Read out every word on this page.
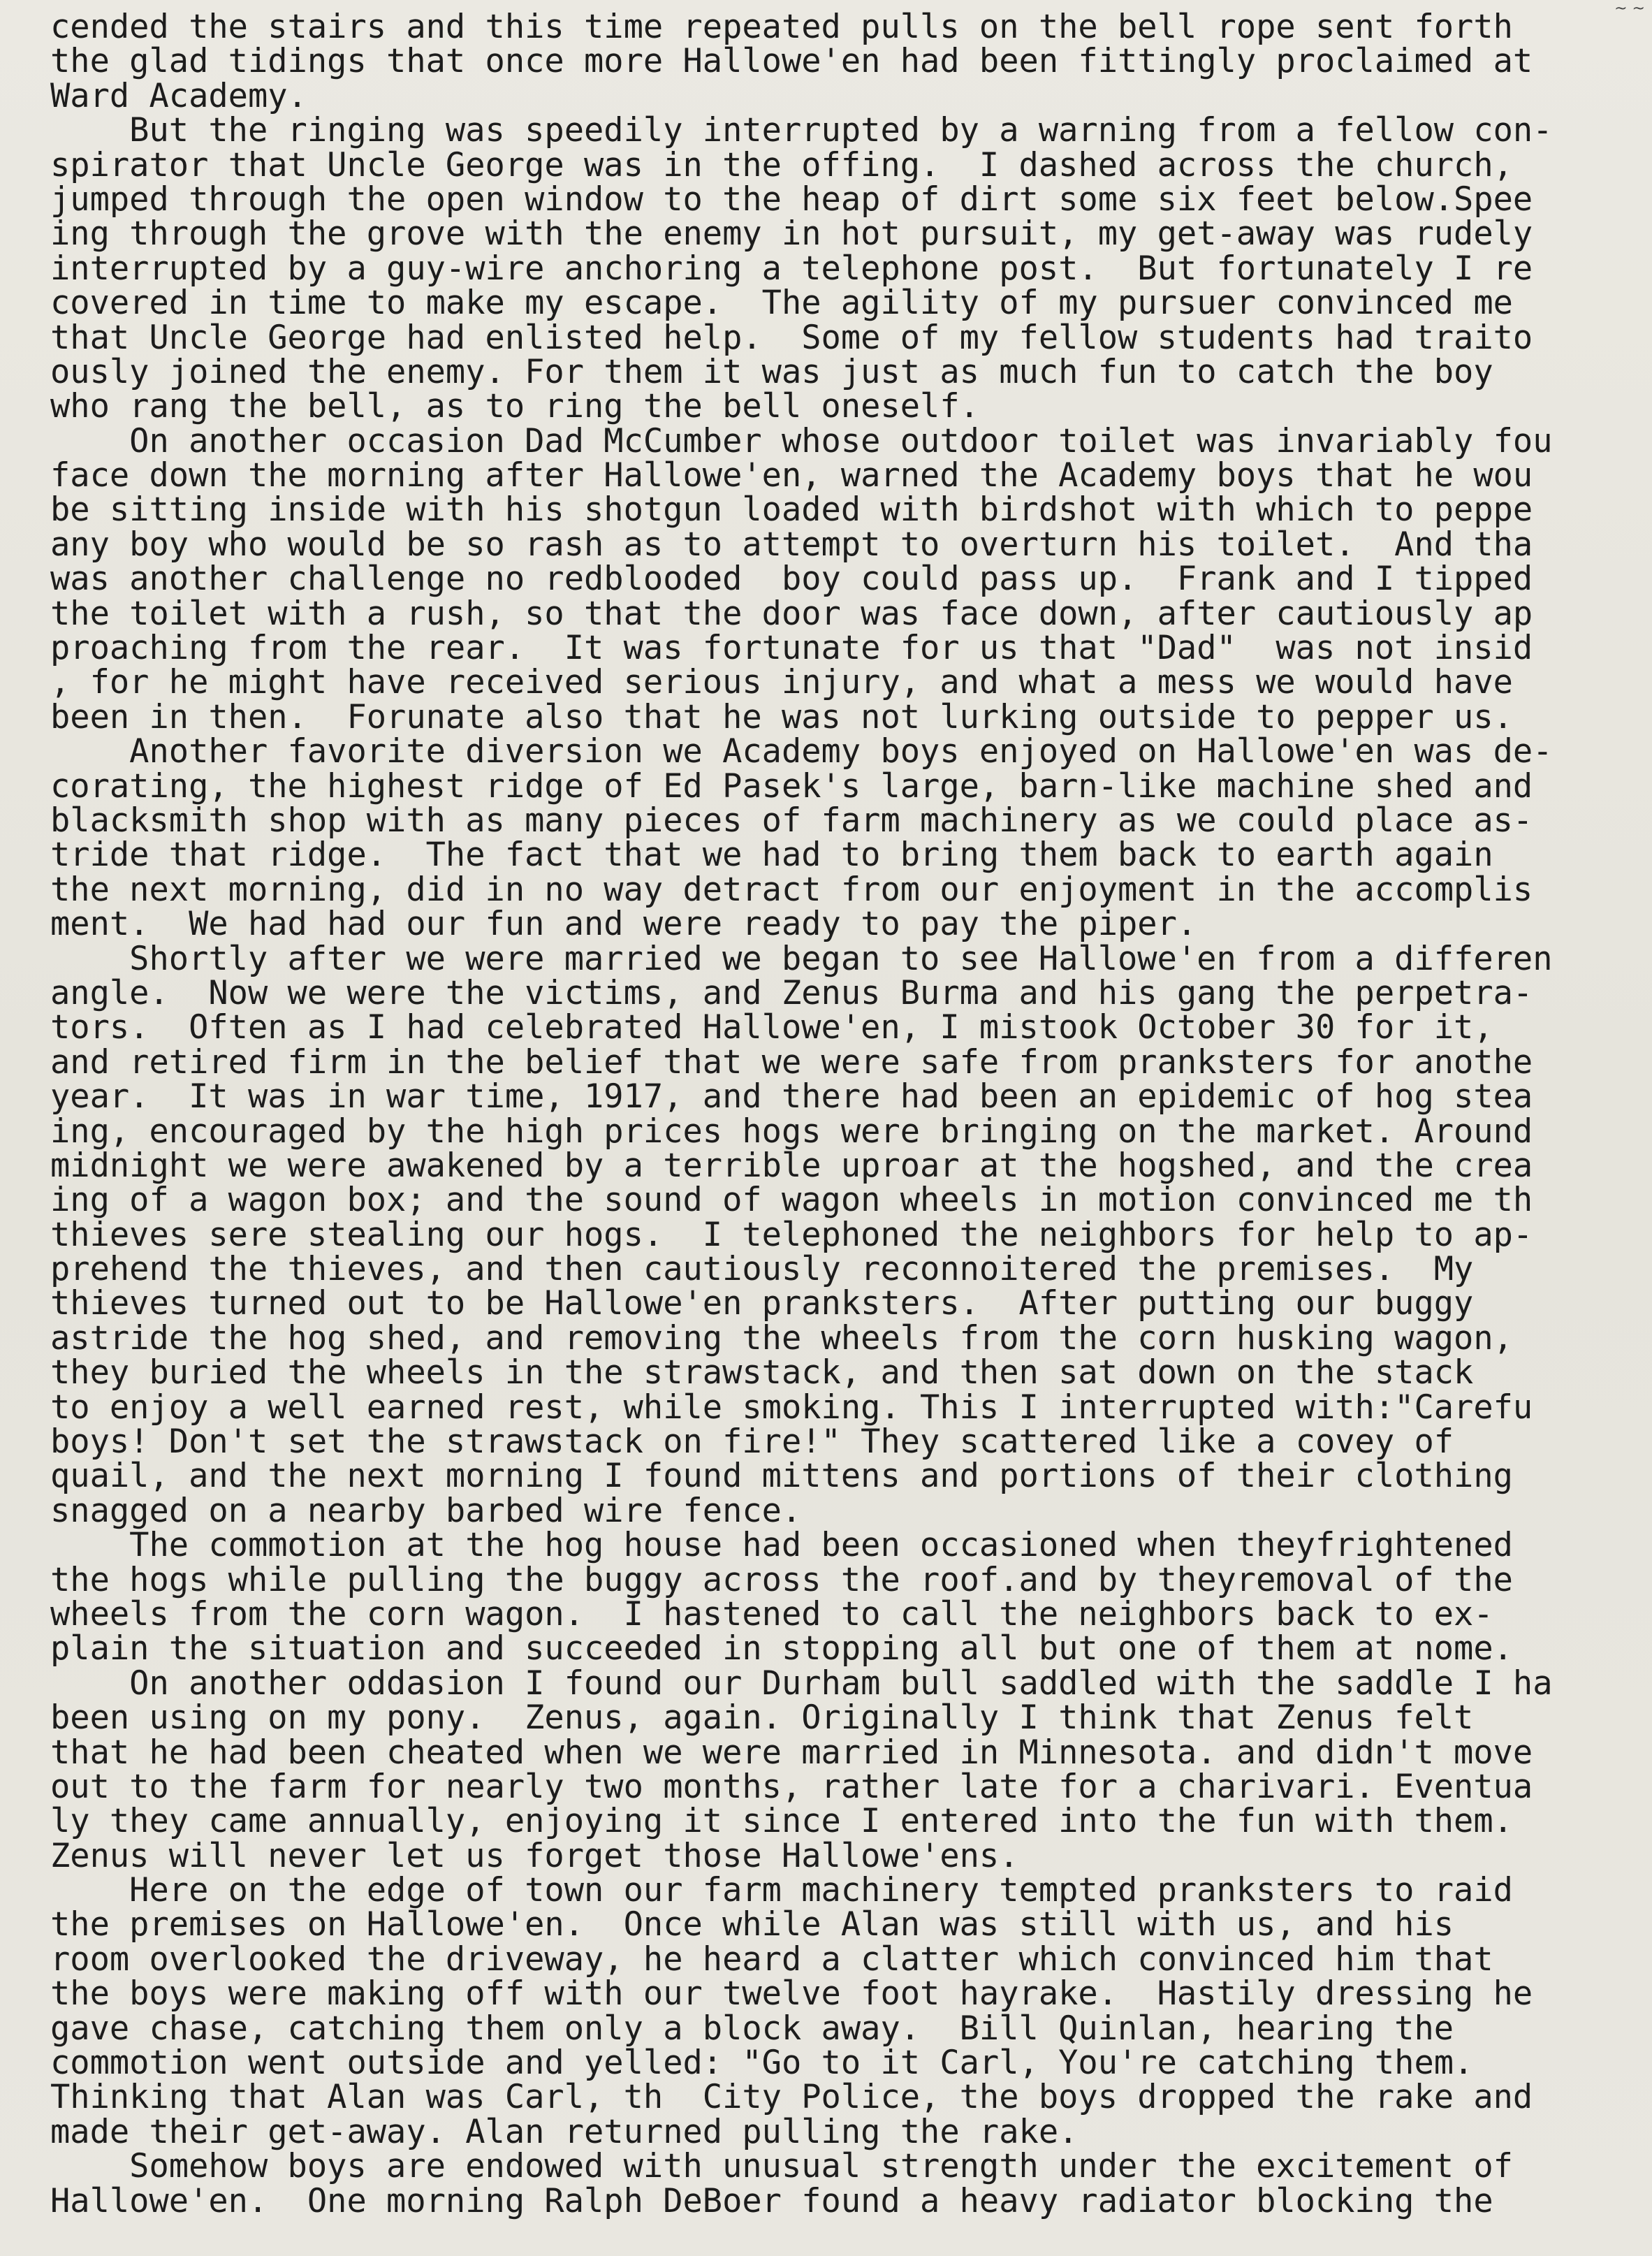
~ ~
cended the stairs and this time repeated pulls on the bell rope sent forth
the glad tidings that once more Hallowe'en had been fittingly proclaimed at
Ward Academy.
But the ringing was speedily interrupted by a warning from a fellow con-
spirator that Uncle George was in the offing.  I dashed across the church,
jumped through the open window to the heap of dirt some six feet below.Spee
ing through the grove with the enemy in hot pursuit, my get-away was rudely
interrupted by a guy-wire anchoring a telephone post.  But fortunately I re
covered in time to make my escape.  The agility of my pursuer convinced me
that Uncle George had enlisted help.  Some of my fellow students had traito
ously joined the enemy. For them it was just as much fun to catch the boy
who rang the bell, as to ring the bell oneself.
On another occasion Dad McCumber whose outdoor toilet was invariably fou
face down the morning after Hallowe'en, warned the Academy boys that he wou
be sitting inside with his shotgun loaded with birdshot with which to peppe
any boy who would be so rash as to attempt to overturn his toilet.  And tha
was another challenge no redblooded  boy could pass up.  Frank and I tipped
the toilet with a rush, so that the door was face down, after cautiously ap
proaching from the rear.  It was fortunate for us that "Dad"  was not insid
, for he might have received serious injury, and what a mess we would have
been in then.  Forunate also that he was not lurking outside to pepper us.
Another favorite diversion we Academy boys enjoyed on Hallowe'en was de-
corating, the highest ridge of Ed Pasek's large, barn-like machine shed and
blacksmith shop with as many pieces of farm machinery as we could place as-
tride that ridge.  The fact that we had to bring them back to earth again
the next morning, did in no way detract from our enjoyment in the accomplis
ment.  We had had our fun and were ready to pay the piper.
Shortly after we were married we began to see Hallowe'en from a differen
angle.  Now we were the victims, and Zenus Burma and his gang the perpetra-
tors.  Often as I had celebrated Hallowe'en, I mistook October 30 for it,
and retired firm in the belief that we were safe from pranksters for anothe
year.  It was in war time, 1917, and there had been an epidemic of hog stea
ing, encouraged by the high prices hogs were bringing on the market. Around
midnight we were awakened by a terrible uproar at the hogshed, and the crea
ing of a wagon box; and the sound of wagon wheels in motion convinced me th
thieves sere stealing our hogs.  I telephoned the neighbors for help to ap-
prehend the thieves, and then cautiously reconnoitered the premises.  My
thieves turned out to be Hallowe'en pranksters.  After putting our buggy
astride the hog shed, and removing the wheels from the corn husking wagon,
they buried the wheels in the strawstack, and then sat down on the stack
to enjoy a well earned rest, while smoking. This I interrupted with:"Carefu
boys! Don't set the strawstack on fire!" They scattered like a covey of
quail, and the next morning I found mittens and portions of their clothing
snagged on a nearby barbed wire fence.
The commotion at the hog house had been occasioned when theyfrightened
the hogs while pulling the buggy across the roof.and by theyremoval of the
wheels from the corn wagon.  I hastened to call the neighbors back to ex-
plain the situation and succeeded in stopping all but one of them at nome.
On another oddasion I found our Durham bull saddled with the saddle I ha
been using on my pony.  Zenus, again. Originally I think that Zenus felt
that he had been cheated when we were married in Minnesota. and didn't move
out to the farm for nearly two months, rather late for a charivari. Eventua
ly they came annually, enjoying it since I entered into the fun with them.
Zenus will never let us forget those Hallowe'ens.
Here on the edge of town our farm machinery tempted pranksters to raid
the premises on Hallowe'en.  Once while Alan was still with us, and his
room overlooked the driveway, he heard a clatter which convinced him that
the boys were making off with our twelve foot hayrake.  Hastily dressing he
gave chase, catching them only a block away.  Bill Quinlan, hearing the
commotion went outside and yelled: "Go to it Carl, You're catching them.
Thinking that Alan was Carl, th  City Police, the boys dropped the rake and
made their get-away. Alan returned pulling the rake.
Somehow boys are endowed with unusual strength under the excitement of
Hallowe'en.  One morning Ralph DeBoer found a heavy radiator blocking the
